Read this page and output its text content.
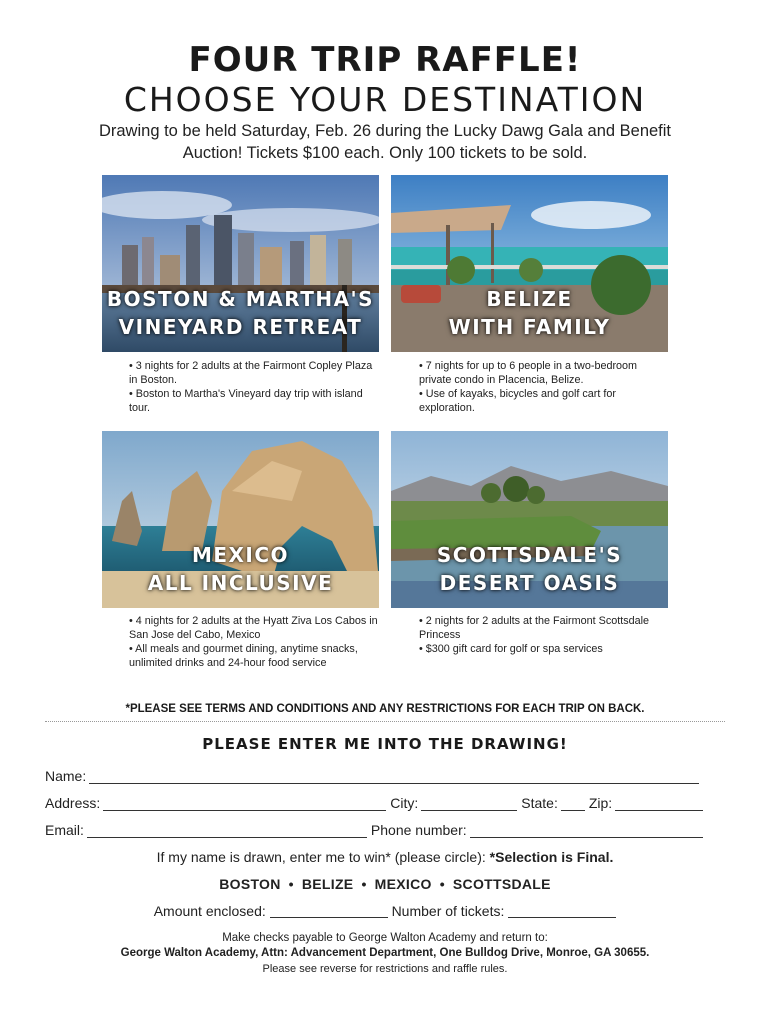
FOUR TRIP RAFFLE!
CHOOSE YOUR DESTINATION
Drawing to be held Saturday, Feb. 26 during the Lucky Dawg Gala and Benefit Auction! Tickets $100 each. Only 100 tickets to be sold.
BOSTON & MARTHA'S
VINEYARD RETREAT
• 3 nights for 2 adults at the Fairmont Copley Plaza in Boston.
• Boston to Martha's Vineyard day trip with island tour.
BELIZE
WITH FAMILY
• 7 nights for up to 6 people in a two-bedroom private condo in Placencia, Belize.
• Use of kayaks, bicycles and golf cart for exploration.
MEXICO
ALL INCLUSIVE
• 4 nights for 2 adults at the Hyatt Ziva Los Cabos in San Jose del Cabo, Mexico
• All meals and gourmet dining, anytime snacks, unlimited drinks and 24-hour food service
SCOTTSDALE'S
DESERT OASIS
• 2 nights for 2 adults at the Fairmont Scottsdale Princess
• $300 gift card for golf or spa services
*PLEASE SEE TERMS AND CONDITIONS AND ANY RESTRICTIONS FOR EACH TRIP ON BACK.
PLEASE ENTER ME INTO THE DRAWING!
Name:
Address:	City:	State: Zip:
Email:	Phone number:
If my name is drawn, enter me to win* (please circle): *Selection is Final.
BOSTON • BELIZE • MEXICO • SCOTTSDALE
Amount enclosed:	Number of tickets:
Make checks payable to George Walton Academy and return to:
George Walton Academy, Attn: Advancement Department, One Bulldog Drive, Monroe, GA 30655.
Please see reverse for restrictions and raffle rules.
